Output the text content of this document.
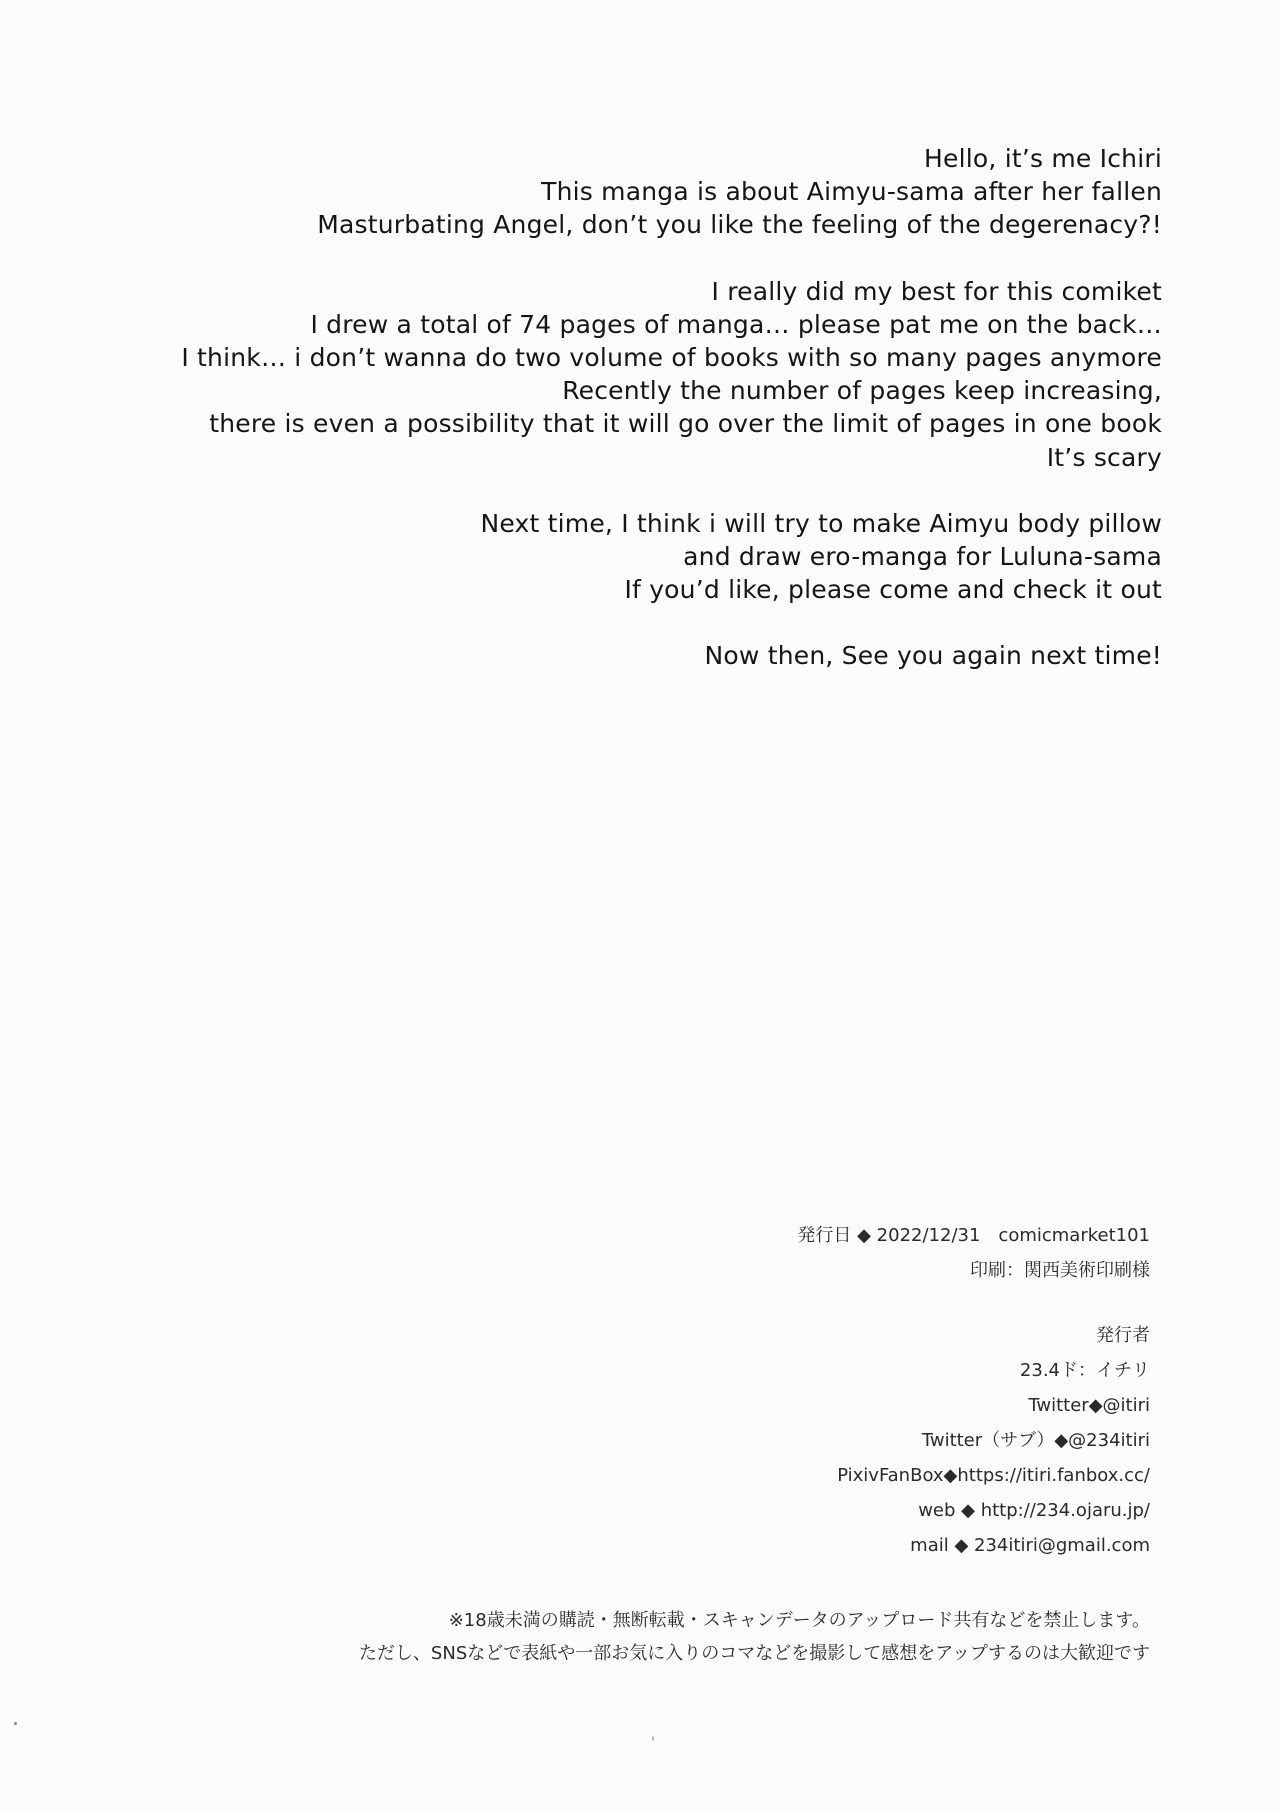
Hello, it’s me Ichiri
This manga is about Aimyu-sama after her fallen
Masturbating Angel, don’t you like the feeling of the degerenacy?!
I really did my best for this comiket
I drew a total of 74 pages of manga… please pat me on the back…
I think… i don’t wanna do two volume of books with so many pages anymore
Recently the number of pages keep increasing,
there is even a possibility that it will go over the limit of pages in one book
It’s scary
Next time, I think i will try to make Aimyu body pillow
and draw ero-manga for Luluna-sama
If you’d like, please come and check it out
Now then, See you again next time!
発行日 ◆ 2022/12/31　comicmarket101
印刷：関西美術印刷様
発行者
23.4ド：イチリ
Twitter◆@itiri
Twitter（サブ）◆@234itiri
PixivFanBox◆https://itiri.fanbox.cc/
web ◆ http://234.ojaru.jp/
mail ◆ 234itiri@gmail.com
※18歳未満の購読・無断転載・スキャンデータのアップロード共有などを禁止します。
ただし、SNSなどで表紙や一部お気に入りのコマなどを撮影して感想をアップするのは大歓迎です
